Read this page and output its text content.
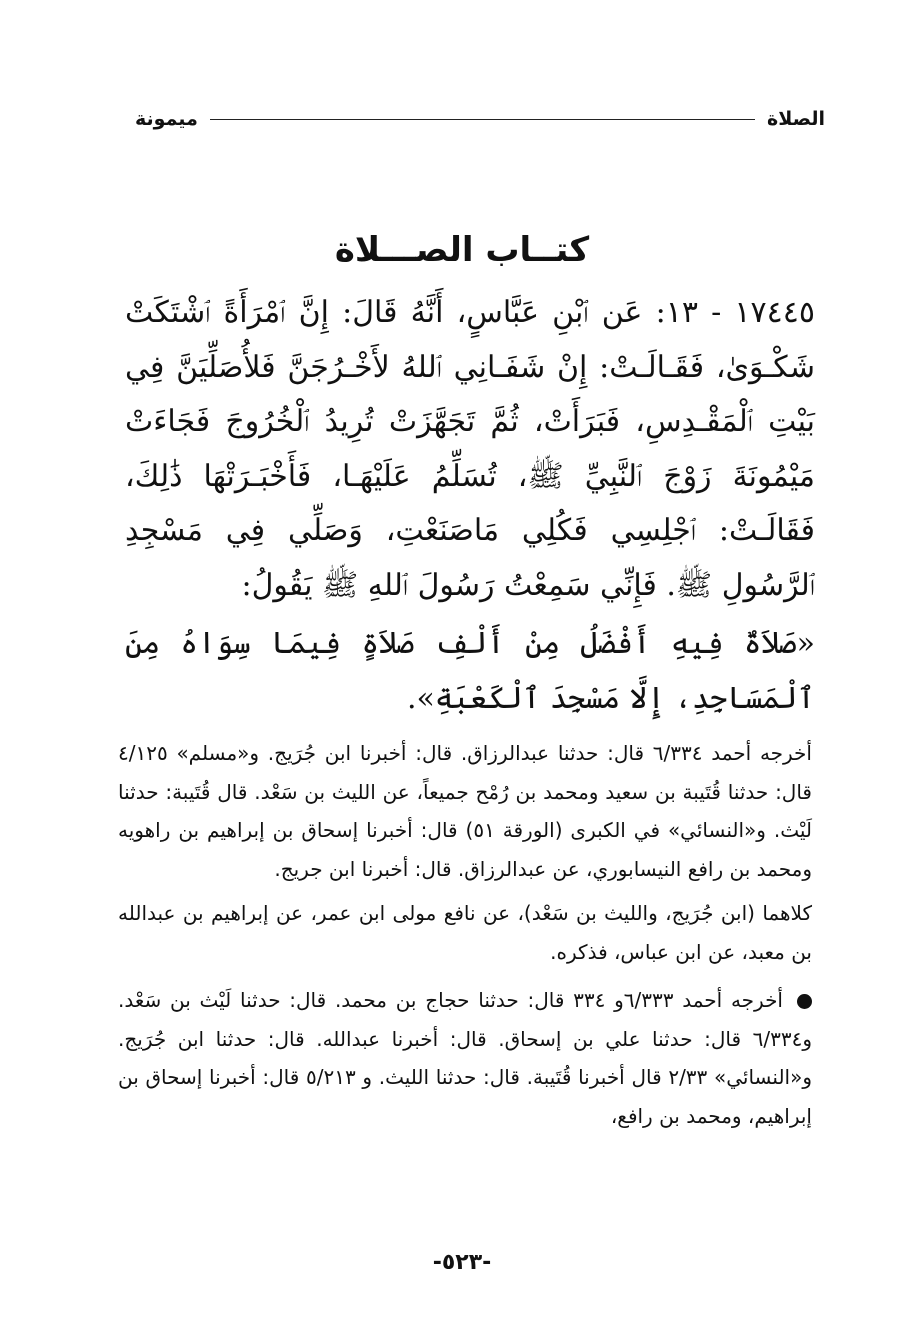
الصلاة
ميمونة
كتــاب الصـــلاة

١٧٤٤٥ - ١٣: عَن ٱبْنِ عَبَّاسٍ، أَنَّهُ قَالَ: إِنَّ ٱمْرَأَةً ٱشْتَكَتْ شَكْـوَىٰ، فَقَـالَـتْ: إِنْ شَفَـانِي ٱللهُ لأَخْـرُجَنَّ فَلأُصَلِّيَنَّ فِي بَيْتِ ٱلْمَقْـدِسِ، فَبَرَأَتْ، ثُمَّ تَجَهَّزَتْ تُرِيدُ ٱلْخُرُوجَ فَجَاءَتْ مَيْمُونَةَ زَوْجَ ٱلنَّبِيِّ ﷺ، تُسَلِّمُ عَلَيْهَـا، فَأَخْبَـرَتْهَا ذَٰلِكَ، فَقَالَـتْ: ٱجْلِسِي فَكُلِي مَاصَنَعْتِ، وَصَلِّي فِي مَسْجِدِ ٱلرَّسُولِ ﷺ. فَإِنِّي سَمِعْتُ رَسُولَ ٱللهِ ﷺ يَقُولُ:

«صَلاَةٌ فِيهِ أَفْضَلُ مِنْ أَلْفِ صَلاَةٍ فِيمَا سِوَاهُ مِنَ ٱلْمَسَاجِدِ، إِلَّا مَسْجِدَ ٱلْكَعْبَةِ».

أخرجه أحمد ٦/٣٣٤ قال: حدثنا عبدالرزاق. قال: أخبرنا ابن جُرَيج. و«مسلم» ٤/١٢٥ قال: حدثنا قُتَيبة بن سعيد ومحمد بن رُمْح جميعاً، عن الليث بن سَعْد. قال قُتَيبة: حدثنا لَيْث. و«النسائي» في الكبرى (الورقة ٥١) قال: أخبرنا إسحاق بن إبراهيم بن راهويه ومحمد بن رافع النيسابوري، عن عبدالرزاق. قال: أخبرنا ابن جريج.

كلاهما (ابن جُرَيج، والليث بن سَعْد)، عن نافع مولى ابن عمر، عن إبراهيم بن عبدالله بن معبد، عن ابن عباس، فذكره.

أخرجه أحمد ٦/٣٣٣و ٣٣٤ قال: حدثنا حجاج بن محمد. قال: حدثنا لَيْث بن سَعْد. و٦/٣٣٤ قال: حدثنا علي بن إسحاق. قال: أخبرنا عبدالله. قال: حدثنا ابن جُرَيج. و«النسائي» ٢/٣٣ قال أخبرنا قُتَيبة. قال: حدثنا الليث. و ٥/٢١٣ قال: أخبرنا إسحاق بن إبراهيم، ومحمد بن رافع،

-٥٢٣-
